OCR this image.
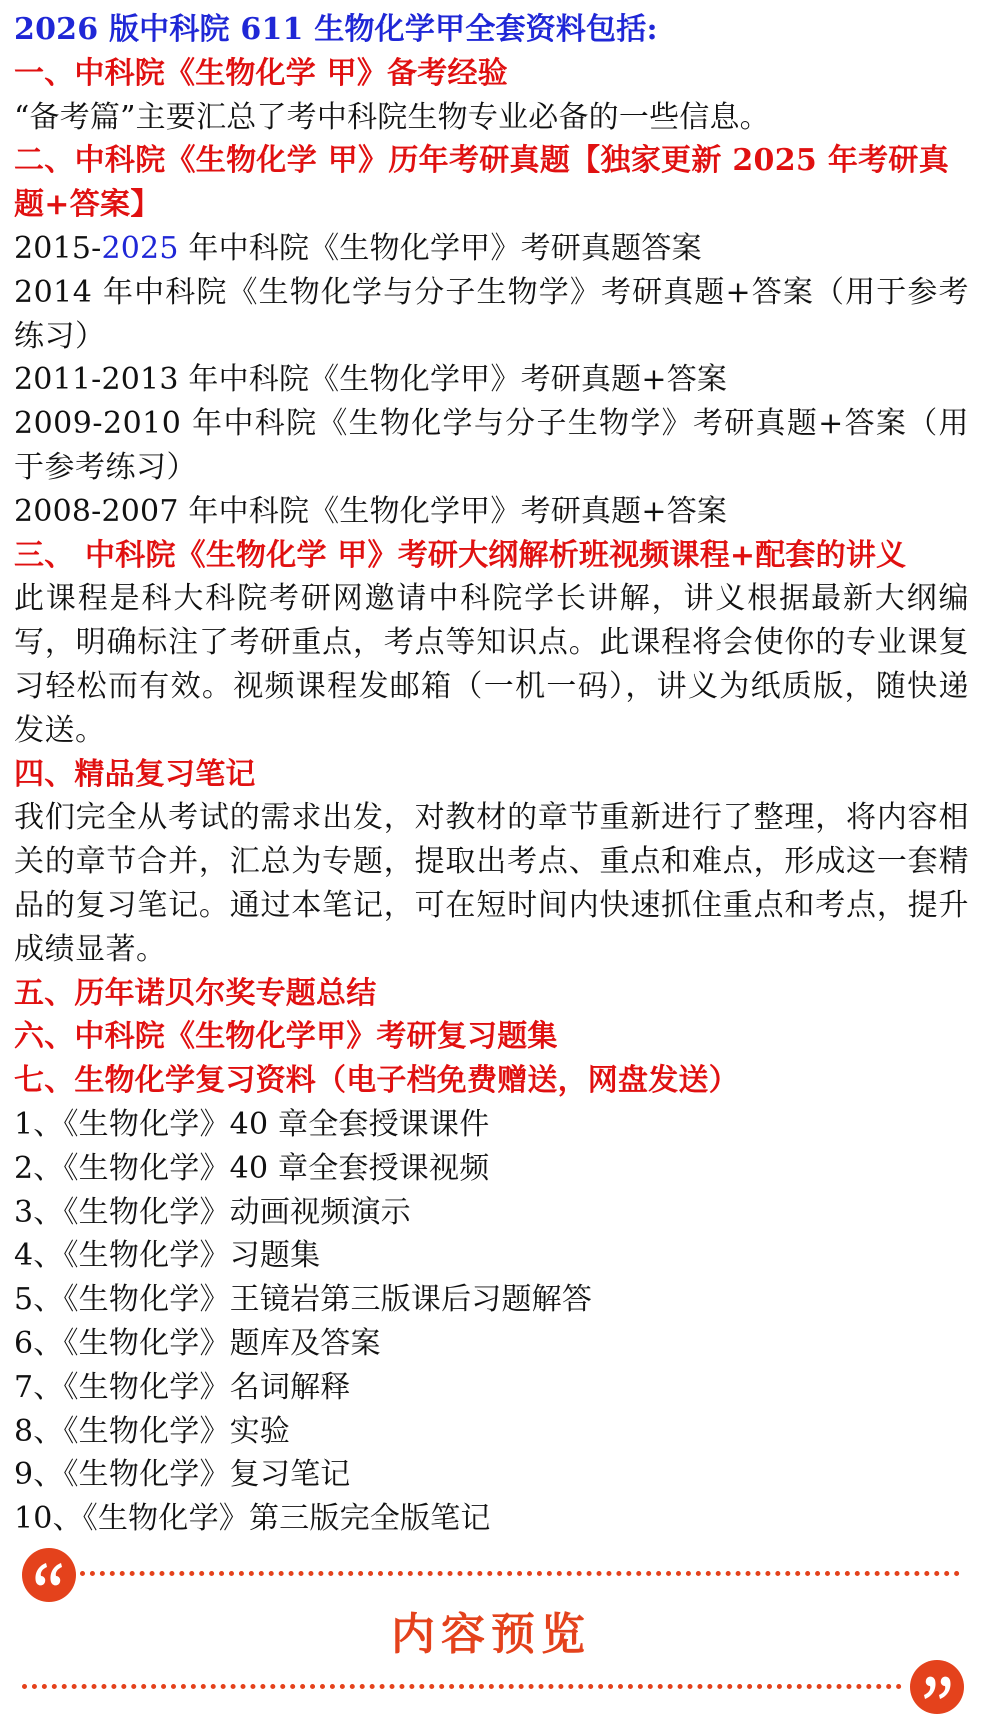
2026 版中科院 611 生物化学甲全套资料包括:
一、中科院《生物化学 甲》备考经验
“备考篇”主要汇总了考中科院生物专业必备的一些信息。
二、中科院《生物化学 甲》历年考研真题【独家更新 2025 年考研真题+答案】
2015-2025 年中科院《生物化学甲》考研真题答案
2014 年中科院《生物化学与分子生物学》考研真题+答案（用于参考练习）
2011-2013 年中科院《生物化学甲》考研真题+答案
2009-2010 年中科院《生物化学与分子生物学》考研真题+答案（用于参考练习）
2008-2007 年中科院《生物化学甲》考研真题+答案
三、 中科院《生物化学 甲》考研大纲解析班视频课程+配套的讲义
此课程是科大科院考研网邀请中科院学长讲解，讲义根据最新大纲编写，明确标注了考研重点，考点等知识点。此课程将会使你的专业课复习轻松而有效。视频课程发邮箱（一机一码），讲义为纸质版，随快递发送。
四、精品复习笔记
我们完全从考试的需求出发，对教材的章节重新进行了整理，将内容相关的章节合并，汇总为专题，提取出考点、重点和难点，形成这一套精品的复习笔记。通过本笔记，可在短时间内快速抓住重点和考点，提升成绩显著。
五、历年诺贝尔奖专题总结
六、中科院《生物化学甲》考研复习题集
七、生物化学复习资料（电子档免费赠送，网盘发送）
1、《生物化学》40 章全套授课课件
2、《生物化学》40 章全套授课视频
3、《生物化学》动画视频演示
4、《生物化学》习题集
5、《生物化学》王镜岩第三版课后习题解答
6、《生物化学》题库及答案
7、《生物化学》名词解释
8、《生物化学》实验
9、《生物化学》复习笔记
10、《生物化学》第三版完全版笔记
内容预览
